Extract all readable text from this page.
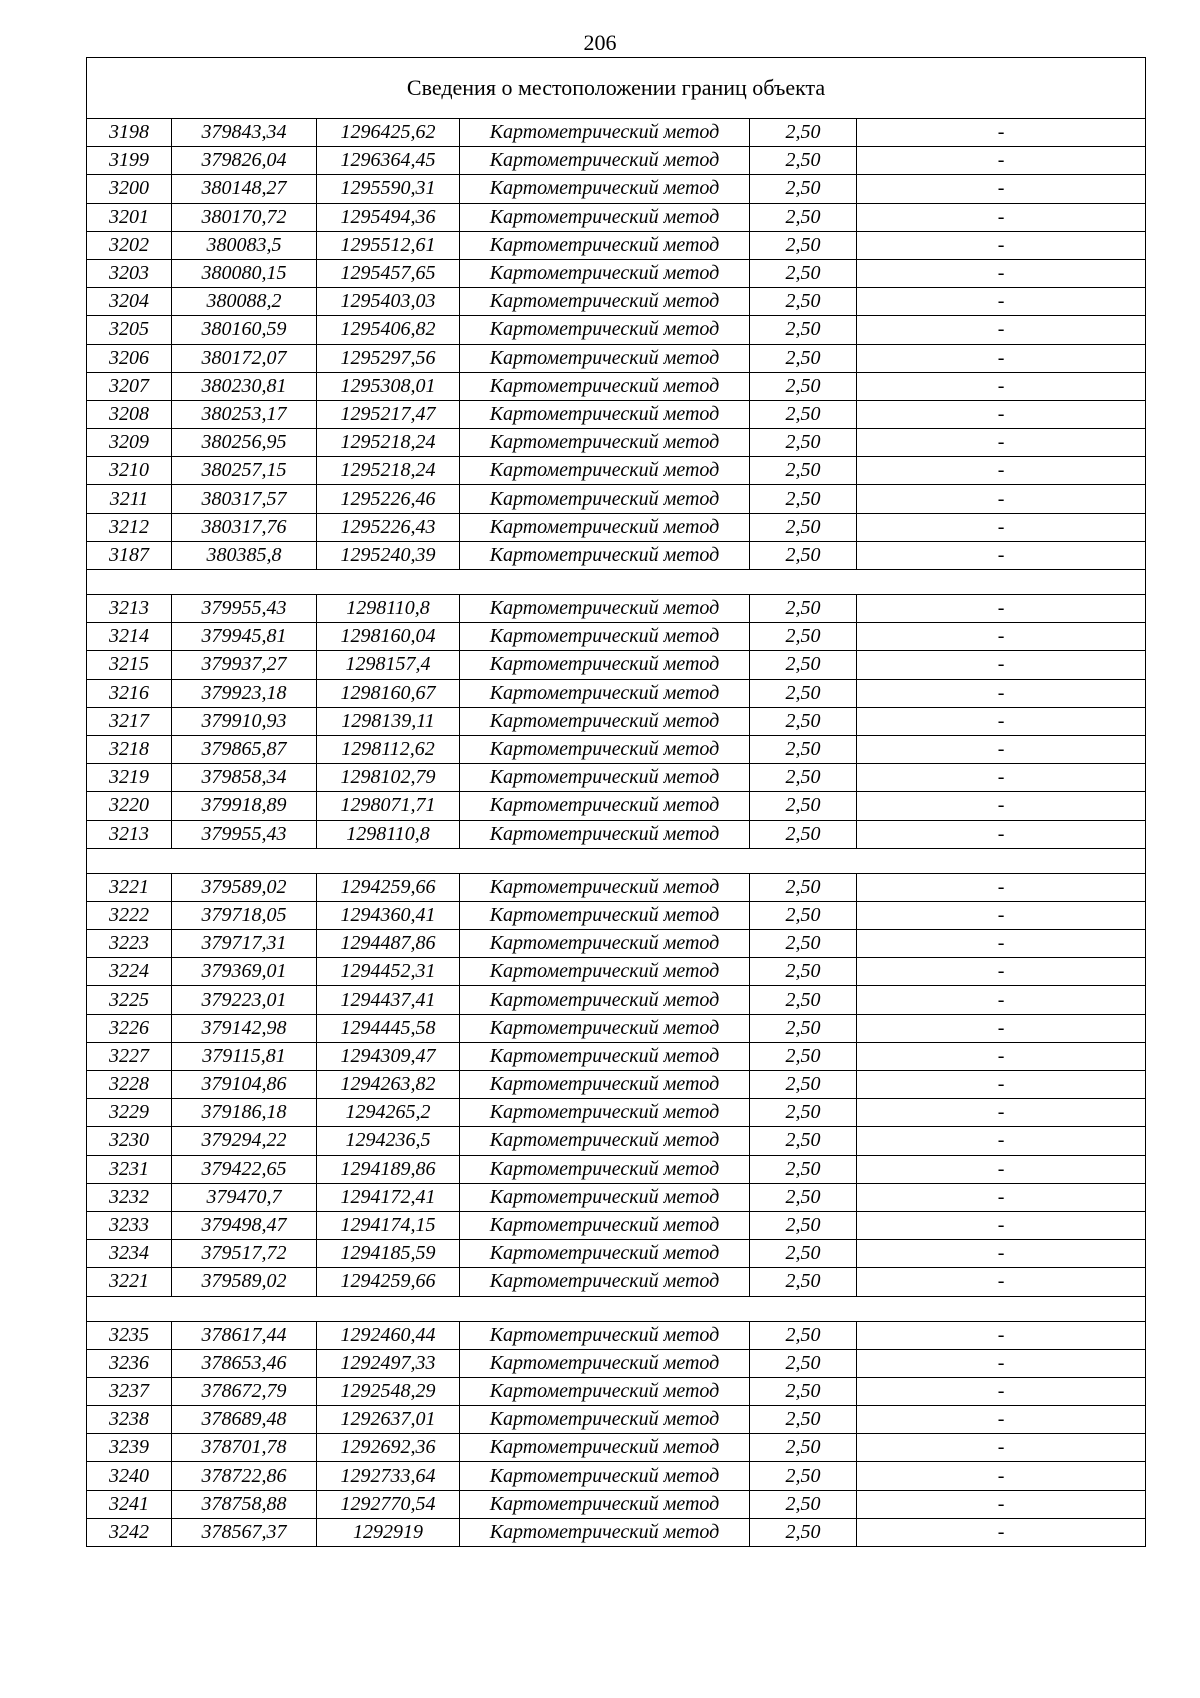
206
Сведения о местоположении границ объекта					
3198	379843,34	1296425,62	Картометрический метод	2,50	-
3199	379826,04	1296364,45	Картометрический метод	2,50	-
3200	380148,27	1295590,31	Картометрический метод	2,50	-
3201	380170,72	1295494,36	Картометрический метод	2,50	-
3202	380083,5	1295512,61	Картометрический метод	2,50	-
3203	380080,15	1295457,65	Картометрический метод	2,50	-
3204	380088,2	1295403,03	Картометрический метод	2,50	-
3205	380160,59	1295406,82	Картометрический метод	2,50	-
3206	380172,07	1295297,56	Картометрический метод	2,50	-
3207	380230,81	1295308,01	Картометрический метод	2,50	-
3208	380253,17	1295217,47	Картометрический метод	2,50	-
3209	380256,95	1295218,24	Картометрический метод	2,50	-
3210	380257,15	1295218,24	Картометрический метод	2,50	-
3211	380317,57	1295226,46	Картометрический метод	2,50	-
3212	380317,76	1295226,43	Картометрический метод	2,50	-
3187	380385,8	1295240,39	Картометрический метод	2,50	-

3213	379955,43	1298110,8	Картометрический метод	2,50	-
3214	379945,81	1298160,04	Картометрический метод	2,50	-
3215	379937,27	1298157,4	Картометрический метод	2,50	-
3216	379923,18	1298160,67	Картометрический метод	2,50	-
3217	379910,93	1298139,11	Картометрический метод	2,50	-
3218	379865,87	1298112,62	Картометрический метод	2,50	-
3219	379858,34	1298102,79	Картометрический метод	2,50	-
3220	379918,89	1298071,71	Картометрический метод	2,50	-
3213	379955,43	1298110,8	Картометрический метод	2,50	-

3221	379589,02	1294259,66	Картометрический метод	2,50	-
3222	379718,05	1294360,41	Картометрический метод	2,50	-
3223	379717,31	1294487,86	Картометрический метод	2,50	-
3224	379369,01	1294452,31	Картометрический метод	2,50	-
3225	379223,01	1294437,41	Картометрический метод	2,50	-
3226	379142,98	1294445,58	Картометрический метод	2,50	-
3227	379115,81	1294309,47	Картометрический метод	2,50	-
3228	379104,86	1294263,82	Картометрический метод	2,50	-
3229	379186,18	1294265,2	Картометрический метод	2,50	-
3230	379294,22	1294236,5	Картометрический метод	2,50	-
3231	379422,65	1294189,86	Картометрический метод	2,50	-
3232	379470,7	1294172,41	Картометрический метод	2,50	-
3233	379498,47	1294174,15	Картометрический метод	2,50	-
3234	379517,72	1294185,59	Картометрический метод	2,50	-
3221	379589,02	1294259,66	Картометрический метод	2,50	-

3235	378617,44	1292460,44	Картометрический метод	2,50	-
3236	378653,46	1292497,33	Картометрический метод	2,50	-
3237	378672,79	1292548,29	Картометрический метод	2,50	-
3238	378689,48	1292637,01	Картометрический метод	2,50	-
3239	378701,78	1292692,36	Картометрический метод	2,50	-
3240	378722,86	1292733,64	Картометрический метод	2,50	-
3241	378758,88	1292770,54	Картометрический метод	2,50	-
3242	378567,37	1292919	Картометрический метод	2,50	-
